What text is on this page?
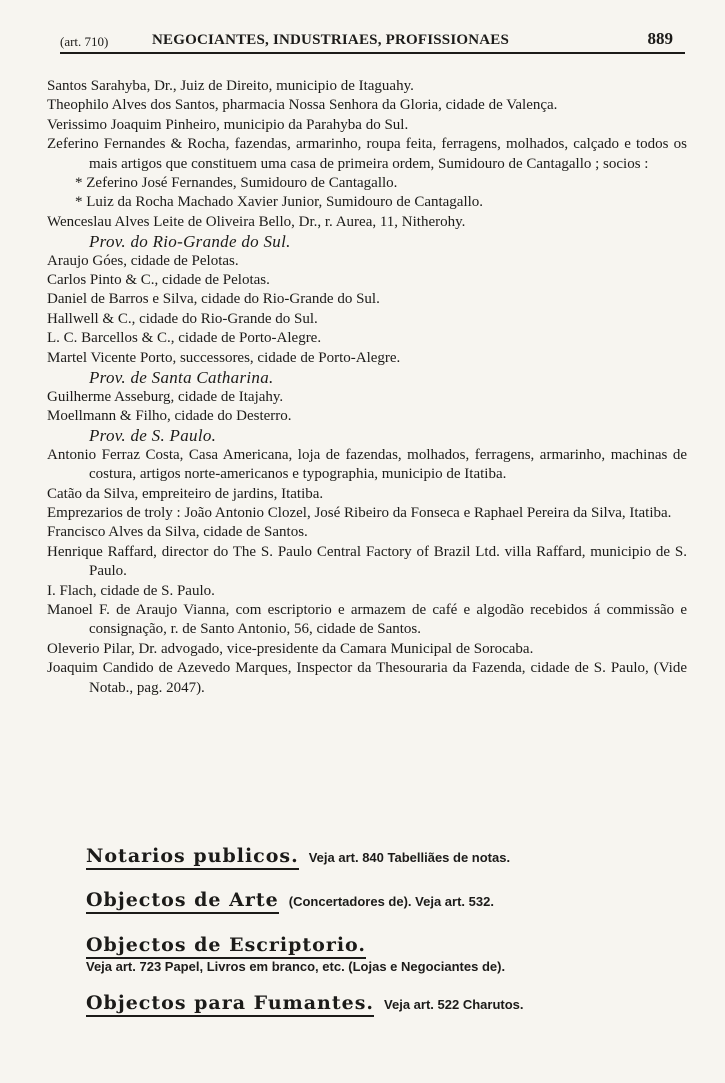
(art. 710)	NEGOCIANTES, INDUSTRIAES, PROFISSIONAES	889

Santos Sarahyba, Dr., Juiz de Direito, municipio de Itaguahy.

Theophilo Alves dos Santos, pharmacia Nossa Senhora da Gloria, cidade de Valença.

Verissimo Joaquim Pinheiro, municipio da Parahyba do Sul.

Zeferino Fernandes & Rocha, fazendas, armarinho, roupa feita, ferragens, molhados, calçado e todos os mais artigos que constituem uma casa de primeira ordem, Sumidouro de Cantagallo ; socios :

* Zeferino José Fernandes, Sumidouro de Cantagallo.

* Luiz da Rocha Machado Xavier Junior, Sumidouro de Cantagallo.

Wenceslau Alves Leite de Oliveira Bello, Dr., r. Aurea, 11, Nitherohy.

Prov. do Rio-Grande do Sul.

Araujo Góes, cidade de Pelotas.

Carlos Pinto & C., cidade de Pelotas.

Daniel de Barros e Silva, cidade do Rio-Grande do Sul.

Hallwell & C., cidade do Rio-Grande do Sul.

L. C. Barcellos & C., cidade de Porto-Alegre.

Martel Vicente Porto, successores, cidade de Porto-Alegre.

Prov. de Santa Catharina.

Guilherme Asseburg, cidade de Itajahy.

Moellmann & Filho, cidade do Desterro.

Prov. de S. Paulo.

Antonio Ferraz Costa, Casa Americana, loja de fazendas, molhados, ferragens, armarinho, machinas de costura, artigos norte-americanos e typographia, municipio de Itatiba.

Catão da Silva, empreiteiro de jardins, Itatiba.

Emprezarios de troly : João Antonio Clozel, José Ribeiro da Fonseca e Raphael Pereira da Silva, Itatiba.

Francisco Alves da Silva, cidade de Santos.

Henrique Raffard, director do The S. Paulo Central Factory of Brazil Ltd. villa Raffard, municipio de S. Paulo.

I. Flach, cidade de S. Paulo.

Manoel F. de Araujo Vianna, com escriptorio e armazem de café e algodão recebidos á commissão e consignação, r. de Santo Antonio, 56, cidade de Santos.

Oleverio Pilar, Dr. advogado, vice-presidente da Camara Municipal de Sorocaba.

Joaquim Candido de Azevedo Marques, Inspector da Thesouraria da Fazenda, cidade de S. Paulo, (Vide Notab., pag. 2047).

Notarios publicos. Veja art. 840 Tabelliães de notas.
Objectos de Arte (Concertadores de). Veja art. 532.
Objectos de Escriptorio.
Veja art. 723 Papel, Livros em branco, etc. (Lojas e Negociantes de).
Objectos para Fumantes. Veja art. 522 Charutos.
